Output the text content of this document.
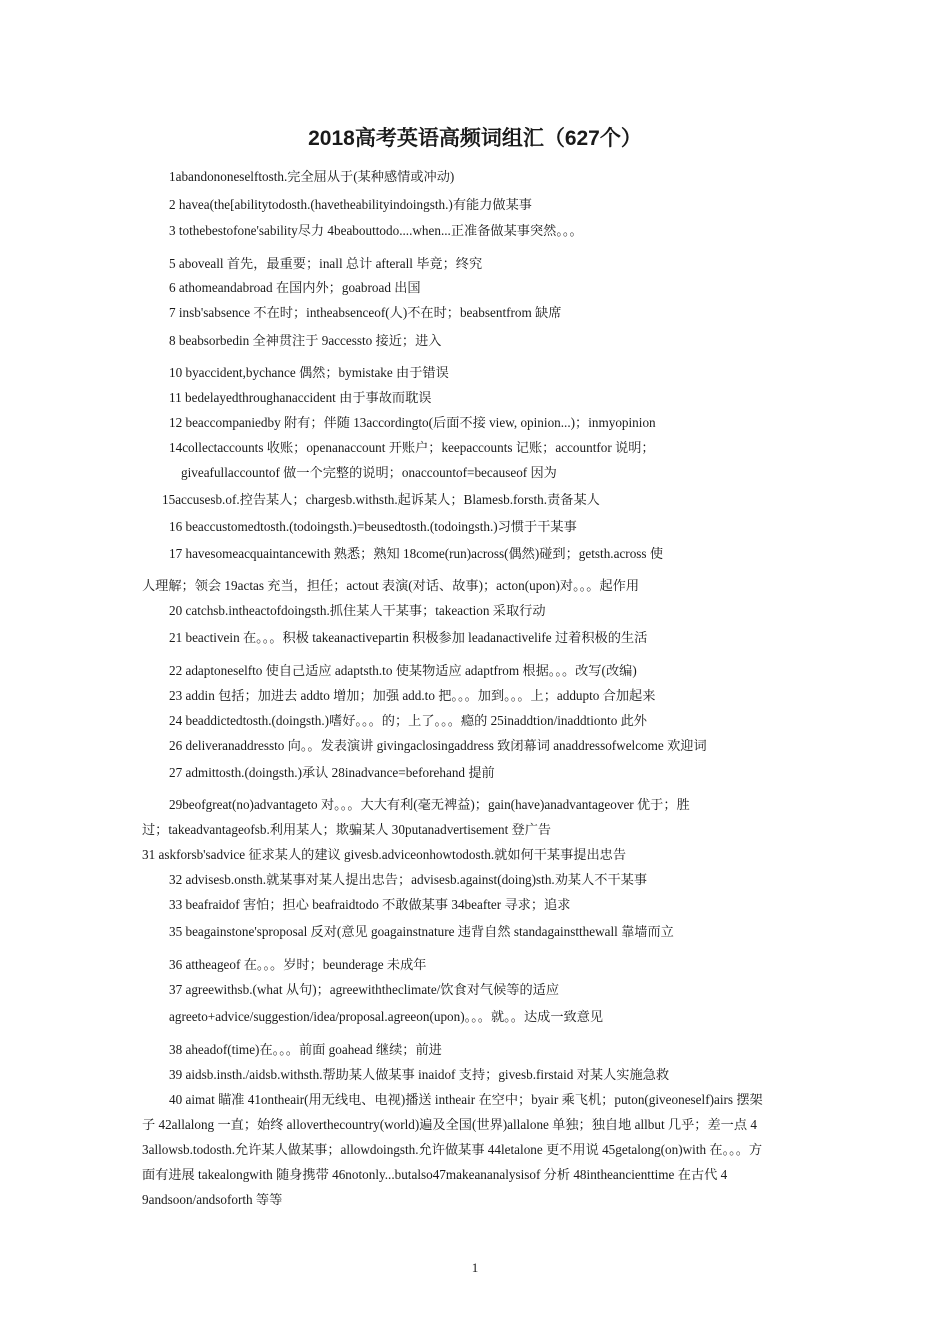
2018高考英语高频词组汇（627个）
1abandononeselftosth.完全屈从于(某种感情或冲动)
2 havea(the[abilitytodosth.(havetheabilityindoingsth.)有能力做某事
3 tothebestofone'sability尽力 4beabouttodo....when...正准备做某事突然。。。
5 aboveall 首先，最重要；inall 总计 afterall 毕竟；终究
6 athomeandabroad 在国内外；goabroad 出国
7 insb'sabsence 不在时；intheabsenceof(人)不在时；beabsentfrom 缺席
8 beabsorbedin 全神贯注于 9accessto 接近；进入
10 byaccident,bychance 偶然；bymistake 由于错误
11 bedelayedthroughanaccident 由于事故而耽误
12 beaccompaniedby 附有；伴随 13accordingto(后面不接 view, opinion...)；inmyopinion
14collectaccounts 收账；openanaccount 开账户；keepaccounts 记账；accountfor 说明；
giveafullaccountof 做一个完整的说明；onaccountof=becauseof 因为
15accusesb.of.控告某人；chargesb.withsth.起诉某人；Blamesb.forsth.责备某人
16 beaccustomedtosth.(todoingsth.)=beusedtosth.(todoingsth.)习惯于干某事
17 havesomeacquaintancewith 熟悉；熟知 18come(run)across(偶然)碰到；getsth.across 使
人理解；领会 19actas 充当，担任；actout 表演(对话、故事)；acton(upon)对。。。起作用
20 catchsb.intheactofdoingsth.抓住某人干某事；takeaction 采取行动
21 beactivein 在。。。积极 takeanactivepartin 积极参加 leadanactivelife 过着积极的生活
22 adaptoneselfto 使自己适应 adaptsth.to 使某物适应 adaptfrom 根据。。。改写(改编)
23 addin 包括；加进去 addto 增加；加强 add.to 把。。。加到。。。上；addupto 合加起来
24 beaddictedtosth.(doingsth.)嗜好。。。的；上了。。。瘾的 25inaddtion/inaddtionto 此外
26 deliveranaddressto 向。。发表演讲 givingaclosingaddress 致闭幕词 anaddressofwelcome 欢迎词
27 admittosth.(doingsth.)承认 28inadvance=beforehand 提前
29beofgreat(no)advantageto 对。。。大大有利(毫无裨益)；gain(have)anadvantageover 优于；胜
过；takeadvantageofsb.利用某人；欺骗某人 30putanadvertisement 登广告
31 askforsb'sadvice 征求某人的建议 givesb.adviceonhowtodosth.就如何干某事提出忠告
32 advisesb.onsth.就某事对某人提出忠告；advisesb.against(doing)sth.劝某人不干某事
33 beafraidof 害怕；担心 beafraidtodo 不敢做某事 34beafter 寻求；追求
35 beagainstone'sproposal 反对(意见 goagainstnature 违背自然 standagainstthewall 靠墙而立
36 attheageof 在。。。岁时；beunderage 未成年
37 agreewithsb.(what 从句)；agreewiththeclimate/饮食对气候等的适应
agreeto+advice/suggestion/idea/proposal.agreeon(upon)。。。就。。达成一致意见
38 aheadof(time)在。。。前面 goahead 继续；前进
39 aidsb.insth./aidsb.withsth.帮助某人做某事 inaidof 支持；givesb.firstaid 对某人实施急救
40 aimat 瞄准 41ontheair(用无线电、电视)播送 intheair 在空中；byair 乘飞机；puton(giveoneself)airs 摆架
子 42allalong 一直；始终 alloverthecountry(world)遍及全国(世界)allalone 单独；独自地 allbut 几乎；差一点 4
3allowsb.todosth.允许某人做某事；allowdoingsth.允许做某事 44letalone 更不用说 45getalong(on)with 在。。。方
面有进展 takealongwith 随身携带 46notonly...butalso47makeananalysisof 分析 48intheancienttime 在古代 4
9andsoon/andsoforth 等等
1
